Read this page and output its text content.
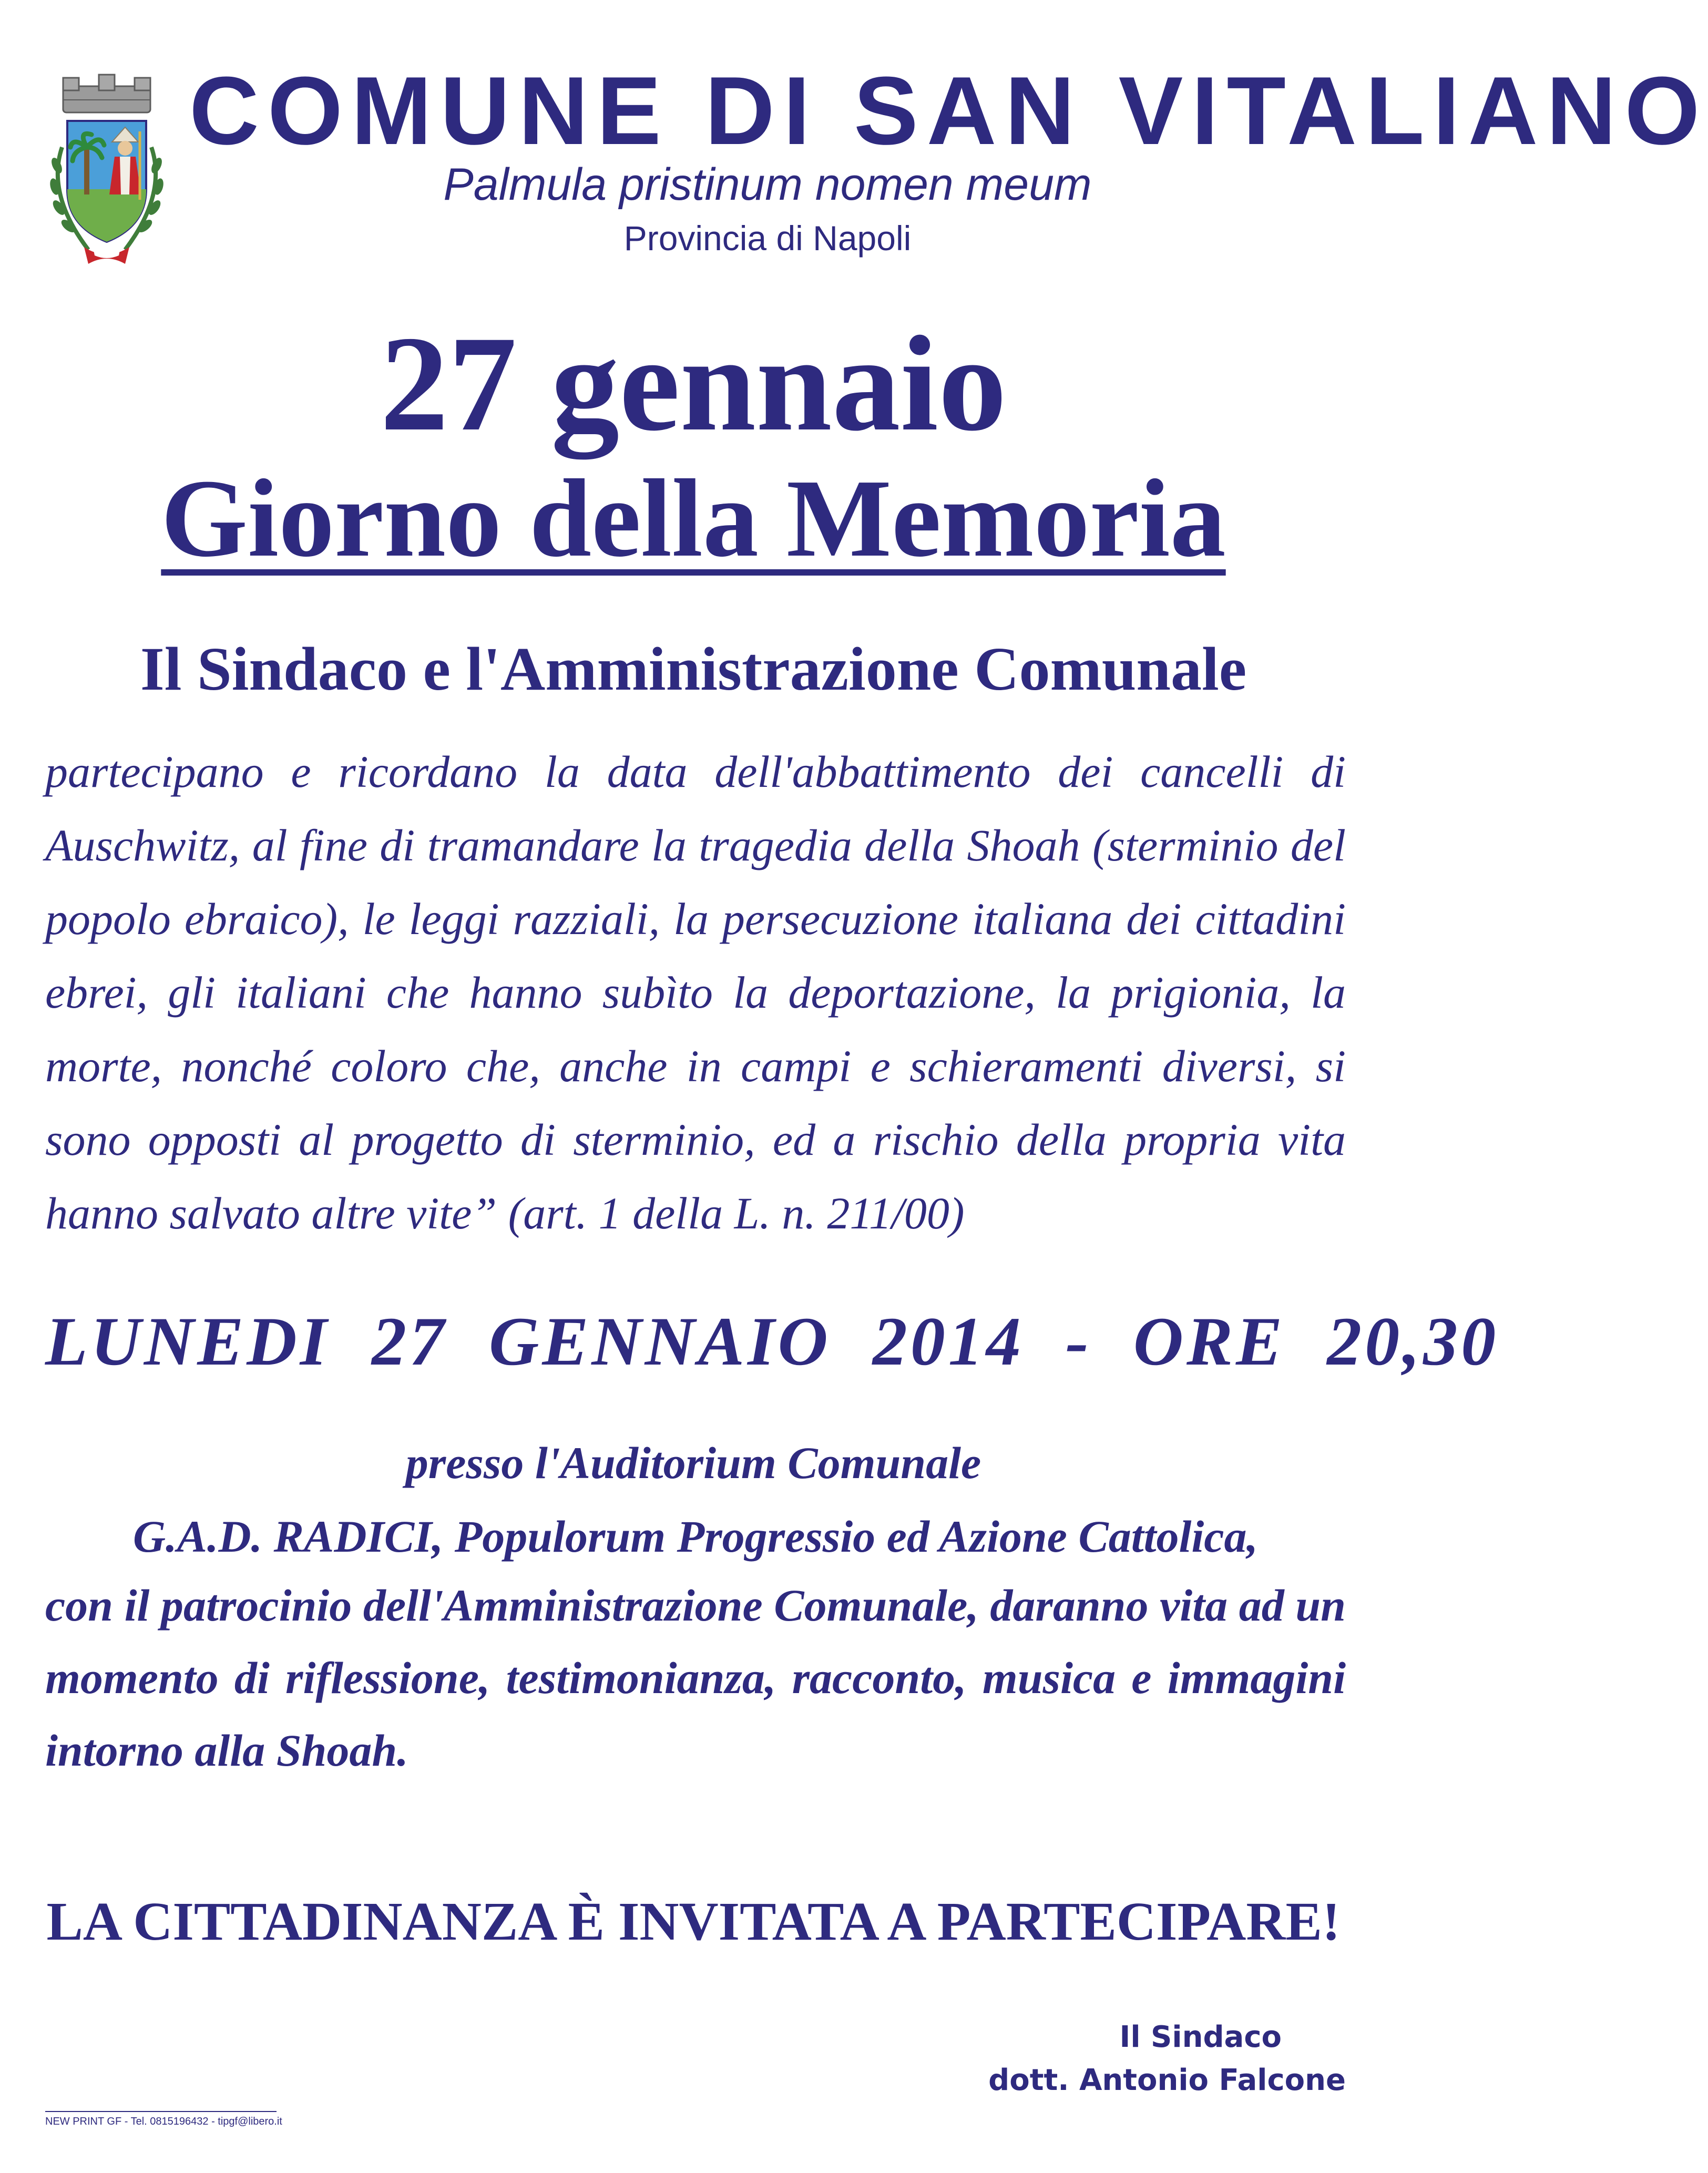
COMUNE DI SAN VITALIANO
Palmula pristinum nomen meum
Provincia di Napoli
27 gennaio
Giorno della Memoria
Il Sindaco e l'Amministrazione Comunale

partecipano e ricordano la data dell'abbattimento dei cancelli di Auschwitz, al fine di tramandare la tragedia della Shoah (sterminio del popolo ebraico), le leggi razziali, la persecuzione italiana dei cittadini ebrei, gli italiani che hanno subìto la deportazione, la prigionia, la morte, nonché coloro che, anche in campi e schieramenti diversi, si sono opposti al progetto di sterminio, ed a rischio della propria vita hanno salvato altre vite” (art. 1 della L. n. 211/00)

LUNEDI 27 GENNAIO 2014 - ORE 20,30
presso l'Auditorium Comunale
G.A.D. RADICI, Populorum Progressio ed Azione Cattolica,

con il patrocinio dell'Amministrazione Comunale, daranno vita ad un momento di riflessione, testimonianza, racconto, musica e immagini intorno alla Shoah.

LA CITTADINANZA È INVITATA A PARTECIPARE!
Il Sindaco
dott. Antonio Falcone
NEW PRINT GF - Tel. 0815196432 - tipgf@libero.it
